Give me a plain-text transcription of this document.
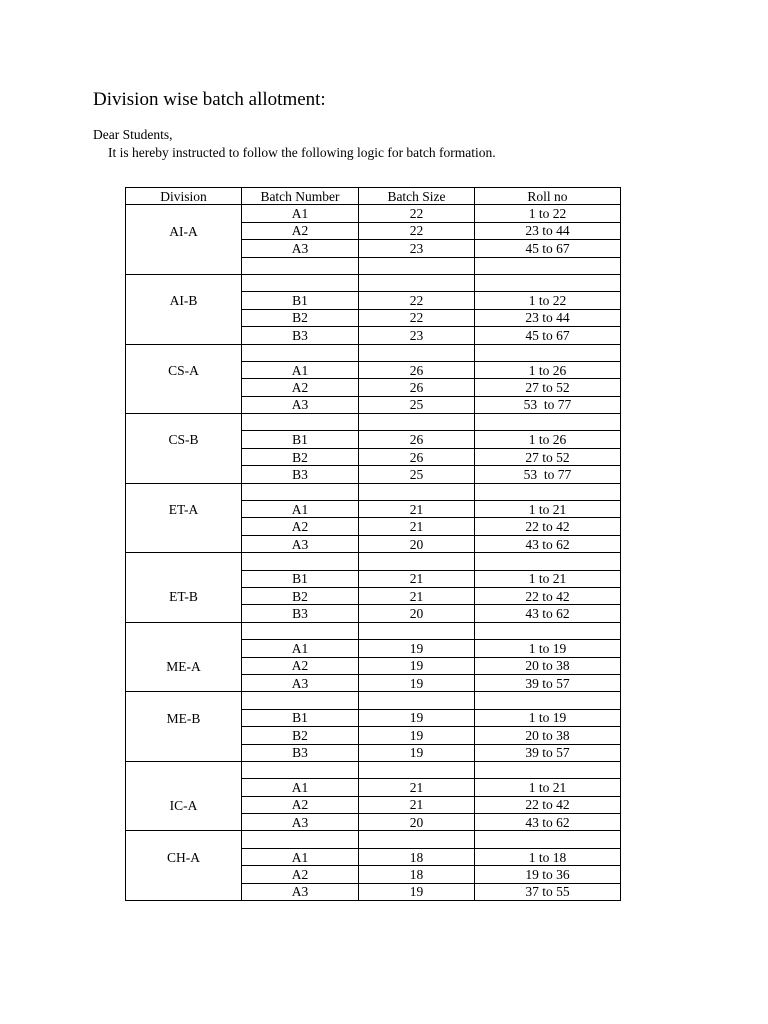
Division wise batch allotment:
Dear Students,
It is hereby instructed to follow the following logic for batch formation.
Division	Batch Number	Batch Size	Roll no

AI-A	A1	22	1 to 22
	A2	22	23 to 44
	A3	23	45 to 67

AI-B			

	B1	22	1 to 22
	B2	22	23 to 44
	B3	23	45 to 67

CS-A			

	A1	26	1 to 26
	A2	26	27 to 52
	A3	25	53  to 77

CS-B			

	B1	26	1 to 26
	B2	26	27 to 52
	B3	25	53  to 77

ET-A			

	A1	21	1 to 21
	A2	21	22 to 42
	A3	20	43 to 62

ET-B			

	B1	21	1 to 21
	B2	21	22 to 42
	B3	20	43 to 62

ME-A			

	A1	19	1 to 19
	A2	19	20 to 38
	A3	19	39 to 57

ME-B			

	B1	19	1 to 19
	B2	19	20 to 38
	B3	19	39 to 57

IC-A			

	A1	21	1 to 21
	A2	21	22 to 42
	A3	20	43 to 62

CH-A			

	A1	18	1 to 18
	A2	18	19 to 36
	A3	19	37 to 55
